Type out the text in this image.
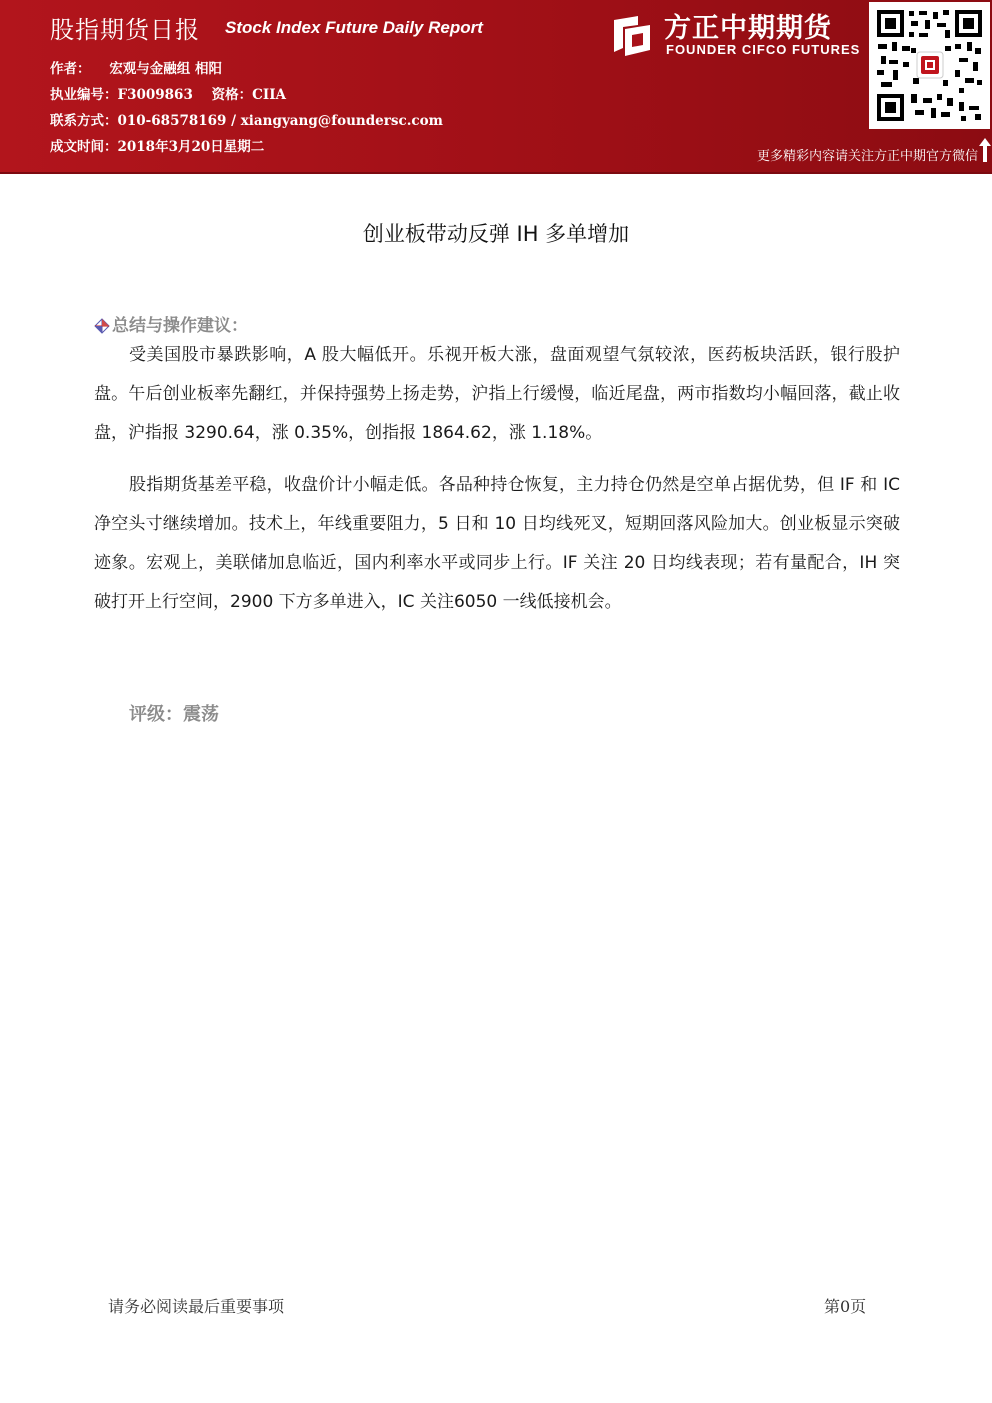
股指期货日报 Stock Index Future Daily Report
作者： 宏观与金融组 相阳
执业编号：F3009863 资格：CIIA
联系方式：010-68578169 / xiangyang@foundersc.com
成文时间：2018年3月20日星期二
方正中期期货
FOUNDER CIFCO FUTURES
更多精彩内容请关注方正中期官方微信
创业板带动反弹 IH 多单增加
总结与操作建议：
受美国股市暴跌影响，A 股大幅低开。乐视开板大涨，盘面观望气氛较浓，医药板块活跃，银行股护盘。午后创业板率先翻红，并保持强势上扬走势，沪指上行缓慢，临近尾盘，两市指数均小幅回落，截止收盘，沪指报 3290.64，涨 0.35%，创指报 1864.62，涨 1.18%。
股指期货基差平稳，收盘价计小幅走低。各品种持仓恢复，主力持仓仍然是空单占据优势，但 IF 和 IC 净空头寸继续增加。技术上，年线重要阻力，5 日和 10 日均线死叉，短期回落风险加大。创业板显示突破迹象。宏观上，美联储加息临近，国内利率水平或同步上行。IF 关注 20 日均线表现；若有量配合，IH 突破打开上行空间，2900 下方多单进入，IC 关注6050 一线低接机会。
评级：震荡
请务必阅读最后重要事项	第0页
